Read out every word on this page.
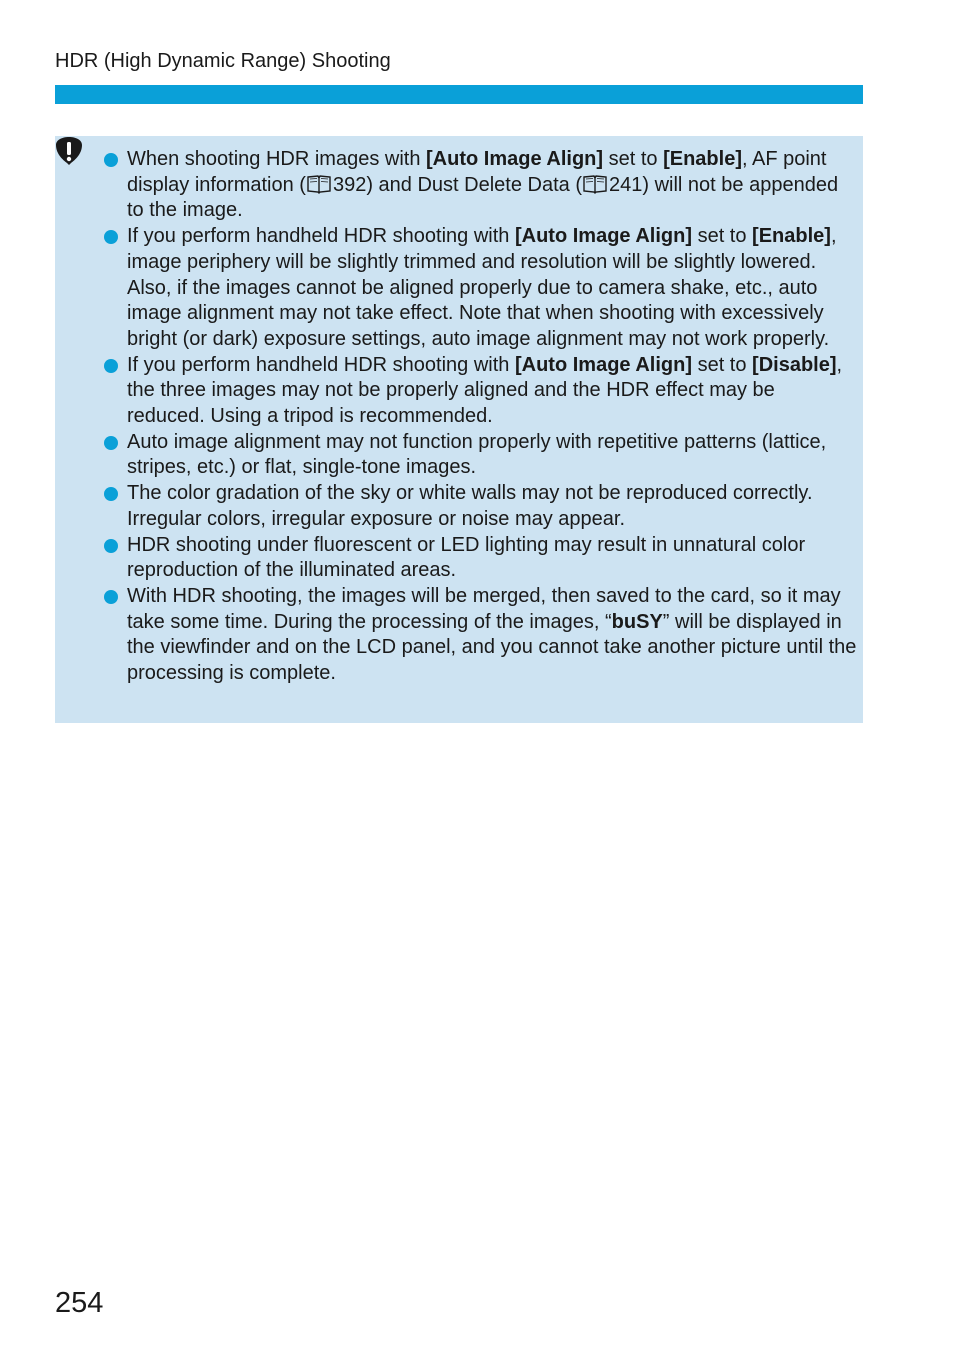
HDR (High Dynamic Range) Shooting
When shooting HDR images with [Auto Image Align] set to [Enable], AF point display information ( 392) and Dust Delete Data ( 241) will not be appended to the image.
If you perform handheld HDR shooting with [Auto Image Align] set to [Enable], image periphery will be slightly trimmed and resolution will be slightly lowered. Also, if the images cannot be aligned properly due to camera shake, etc., auto image alignment may not take effect. Note that when shooting with excessively bright (or dark) exposure settings, auto image alignment may not work properly.
If you perform handheld HDR shooting with [Auto Image Align] set to [Disable], the three images may not be properly aligned and the HDR effect may be reduced. Using a tripod is recommended.
Auto image alignment may not function properly with repetitive patterns (lattice, stripes, etc.) or flat, single-tone images.
The color gradation of the sky or white walls may not be reproduced correctly. Irregular colors, irregular exposure or noise may appear.
HDR shooting under fluorescent or LED lighting may result in unnatural color reproduction of the illuminated areas.
With HDR shooting, the images will be merged, then saved to the card, so it may take some time. During the processing of the images, “buSY” will be displayed in the viewfinder and on the LCD panel, and you cannot take another picture until the processing is complete.
254
